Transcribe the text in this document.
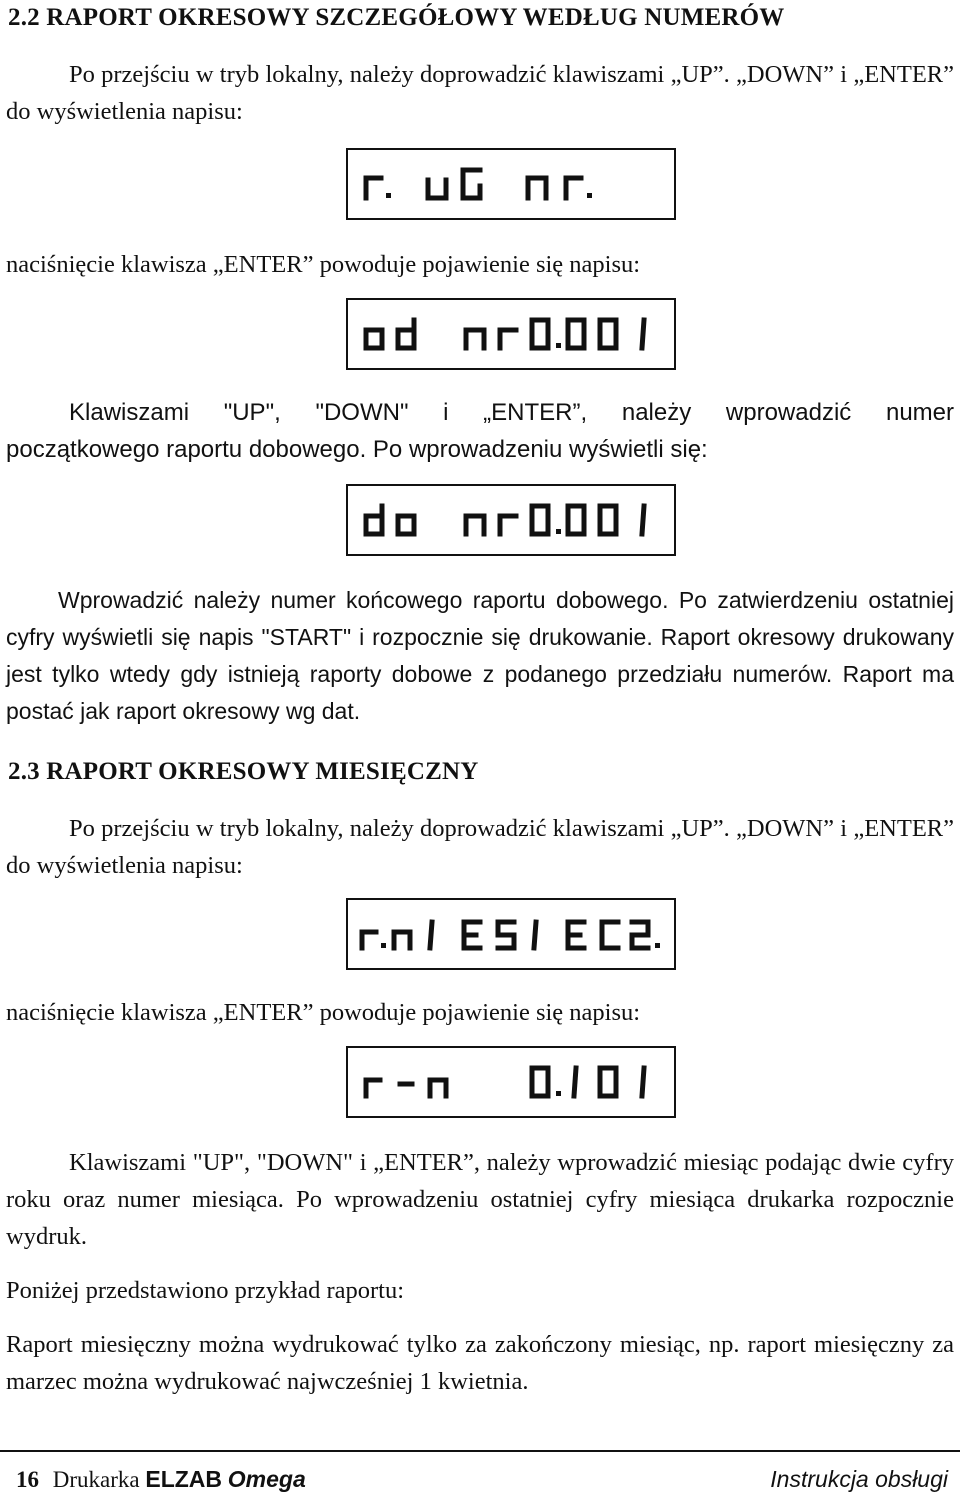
2.2 RAPORT OKRESOWY SZCZEGÓŁOWY WEDŁUG NUMERÓW

Po przejściu w tryb lokalny, należy doprowadzić klawiszami „UP”. „DOWN” i „ENTER” do wyświetlenia napisu:

naciśnięcie klawisza „ENTER” powoduje pojawienie się napisu:

Klawiszami "UP", "DOWN" i „ENTER”, należy wprowadzić numer

początkowego raportu dobowego. Po wprowadzeniu wyświetli się:

Wprowadzić należy numer końcowego raportu dobowego. Po zatwierdzeniu ostatniej cyfry wyświetli się napis "START" i rozpocznie się drukowanie. Raport okresowy drukowany jest tylko wtedy gdy istnieją raporty dobowe z podanego przedziału numerów. Raport ma postać jak raport okresowy wg dat.

2.3 RAPORT OKRESOWY MIESIĘCZNY

Po przejściu w tryb lokalny, należy doprowadzić klawiszami „UP”. „DOWN” i „ENTER” do wyświetlenia napisu:

naciśnięcie klawisza „ENTER” powoduje pojawienie się napisu:

Klawiszami "UP", "DOWN" i „ENTER”, należy wprowadzić miesiąc podając dwie cyfry roku oraz numer miesiąca. Po wprowadzeniu ostatniej cyfry miesiąca drukarka rozpocznie wydruk.

Poniżej przedstawiono przykład raportu:

Raport miesięczny można wydrukować tylko za zakończony miesiąc, np. raport miesięczny za marzec można wydrukować najwcześniej 1 kwietnia.

16 Drukarka ELZAB Omega	Instrukcja obsługi
